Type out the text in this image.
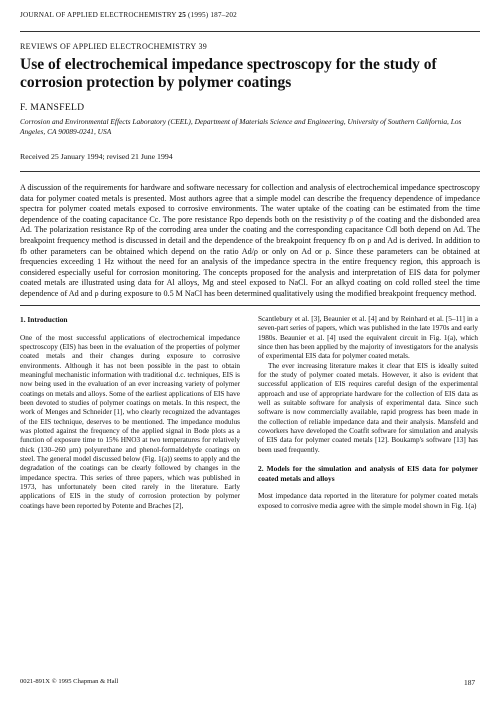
JOURNAL OF APPLIED ELECTROCHEMISTRY 25 (1995) 187–202
REVIEWS OF APPLIED ELECTROCHEMISTRY 39
Use of electrochemical impedance spectroscopy for the study of corrosion protection by polymer coatings
F. MANSFELD
Corrosion and Environmental Effects Laboratory (CEEL), Department of Materials Science and Engineering, University of Southern California, Los Angeles, CA 90089-0241, USA
Received 25 January 1994; revised 21 June 1994

A discussion of the requirements for hardware and software necessary for collection and analysis of electrochemical impedance spectroscopy data for polymer coated metals is presented. Most authors agree that a simple model can describe the frequency dependence of impedance spectra for polymer coated metals exposed to corrosive environments. The water uptake of the coating can be estimated from the time dependence of the coating capacitance Cc. The pore resistance Rpo depends both on the resistivity ρ of the coating and the disbonded area Ad. The polarization resistance Rp of the corroding area under the coating and the corresponding capacitance Cdl both depend on Ad. The breakpoint frequency method is discussed in detail and the dependence of the breakpoint frequency fb on ρ and Ad is derived. In addition to fb other parameters can be obtained which depend on the ratio Ad/ρ or only on Ad or ρ. Since these parameters can be obtained at frequencies exceeding 1 Hz without the need for an analysis of the impedance spectra in the entire frequency region, this approach is considered especially useful for corrosion monitoring. The concepts proposed for the analysis and interpretation of EIS data for polymer coated metals are illustrated using data for Al alloys, Mg and steel exposed to NaCl. For an alkyd coating on cold rolled steel the time dependence of Ad and ρ during exposure to 0.5 M NaCl has been determined qualitatively using the modified breakpoint frequency method.

1. Introduction

One of the most successful applications of electrochemical impedance spectroscopy (EIS) has been in the evaluation of the properties of polymer coated metals and their changes during exposure to corrosive environments. Although it has not been possible in the past to obtain meaningful mechanistic information with traditional d.c. techniques, EIS is now being used in the evaluation of an ever increasing variety of polymer coatings on metals and alloys. Some of the earliest applications of EIS have been devoted to studies of polymer coatings on metals. In this respect, the work of Menges and Schneider [1], who clearly recognized the advantages of the EIS technique, deserves to be mentioned. The impedance modulus was plotted against the frequency of the applied signal in Bode plots as a function of exposure time to 15% HNO3 at two temperatures for relatively thick (130–260 μm) polyurethane and phenol-formaldehyde coatings on steel. The general model discussed below (Fig. 1(a)) seems to apply and the degradation of the coatings can be clearly followed by changes in the impedance spectra. This series of three papers, which was published in 1973, has unfortunately been cited rarely in the literature. Early applications of EIS in the study of corrosion protection by polymer coatings have been reported by Potente and Braches [2],

Scantlebury et al. [3], Beaunier et al. [4] and by Reinhard et al. [5–11] in a seven-part series of papers, which was published in the late 1970s and early 1980s. Beaunier et al. [4] used the equivalent circuit in Fig. 1(a), which since then has been applied by the majority of investigators for the analysis of experimental EIS data for polymer coated metals.

The ever increasing literature makes it clear that EIS is ideally suited for the study of polymer coated metals. However, it also is evident that successful application of EIS requires careful design of the experimental approach and use of appropriate hardware for the collection of EIS data as well as suitable software for analysis of experimental data. Since such software is now commercially available, rapid progress has been made in the collection of reliable impedance data and their analysis. Mansfeld and coworkers have developed the Coatfit software for simulation and analysis of EIS data for polymer coated metals [12]. Boukamp's software [13] has been used frequently.

2. Models for the simulation and analysis of EIS data for polymer coated metals and alloys

Most impedance data reported in the literature for polymer coated metals exposed to corrosive media agree with the simple model shown in Fig. 1(a)

0021-891X © 1995 Chapman & Hall	187
